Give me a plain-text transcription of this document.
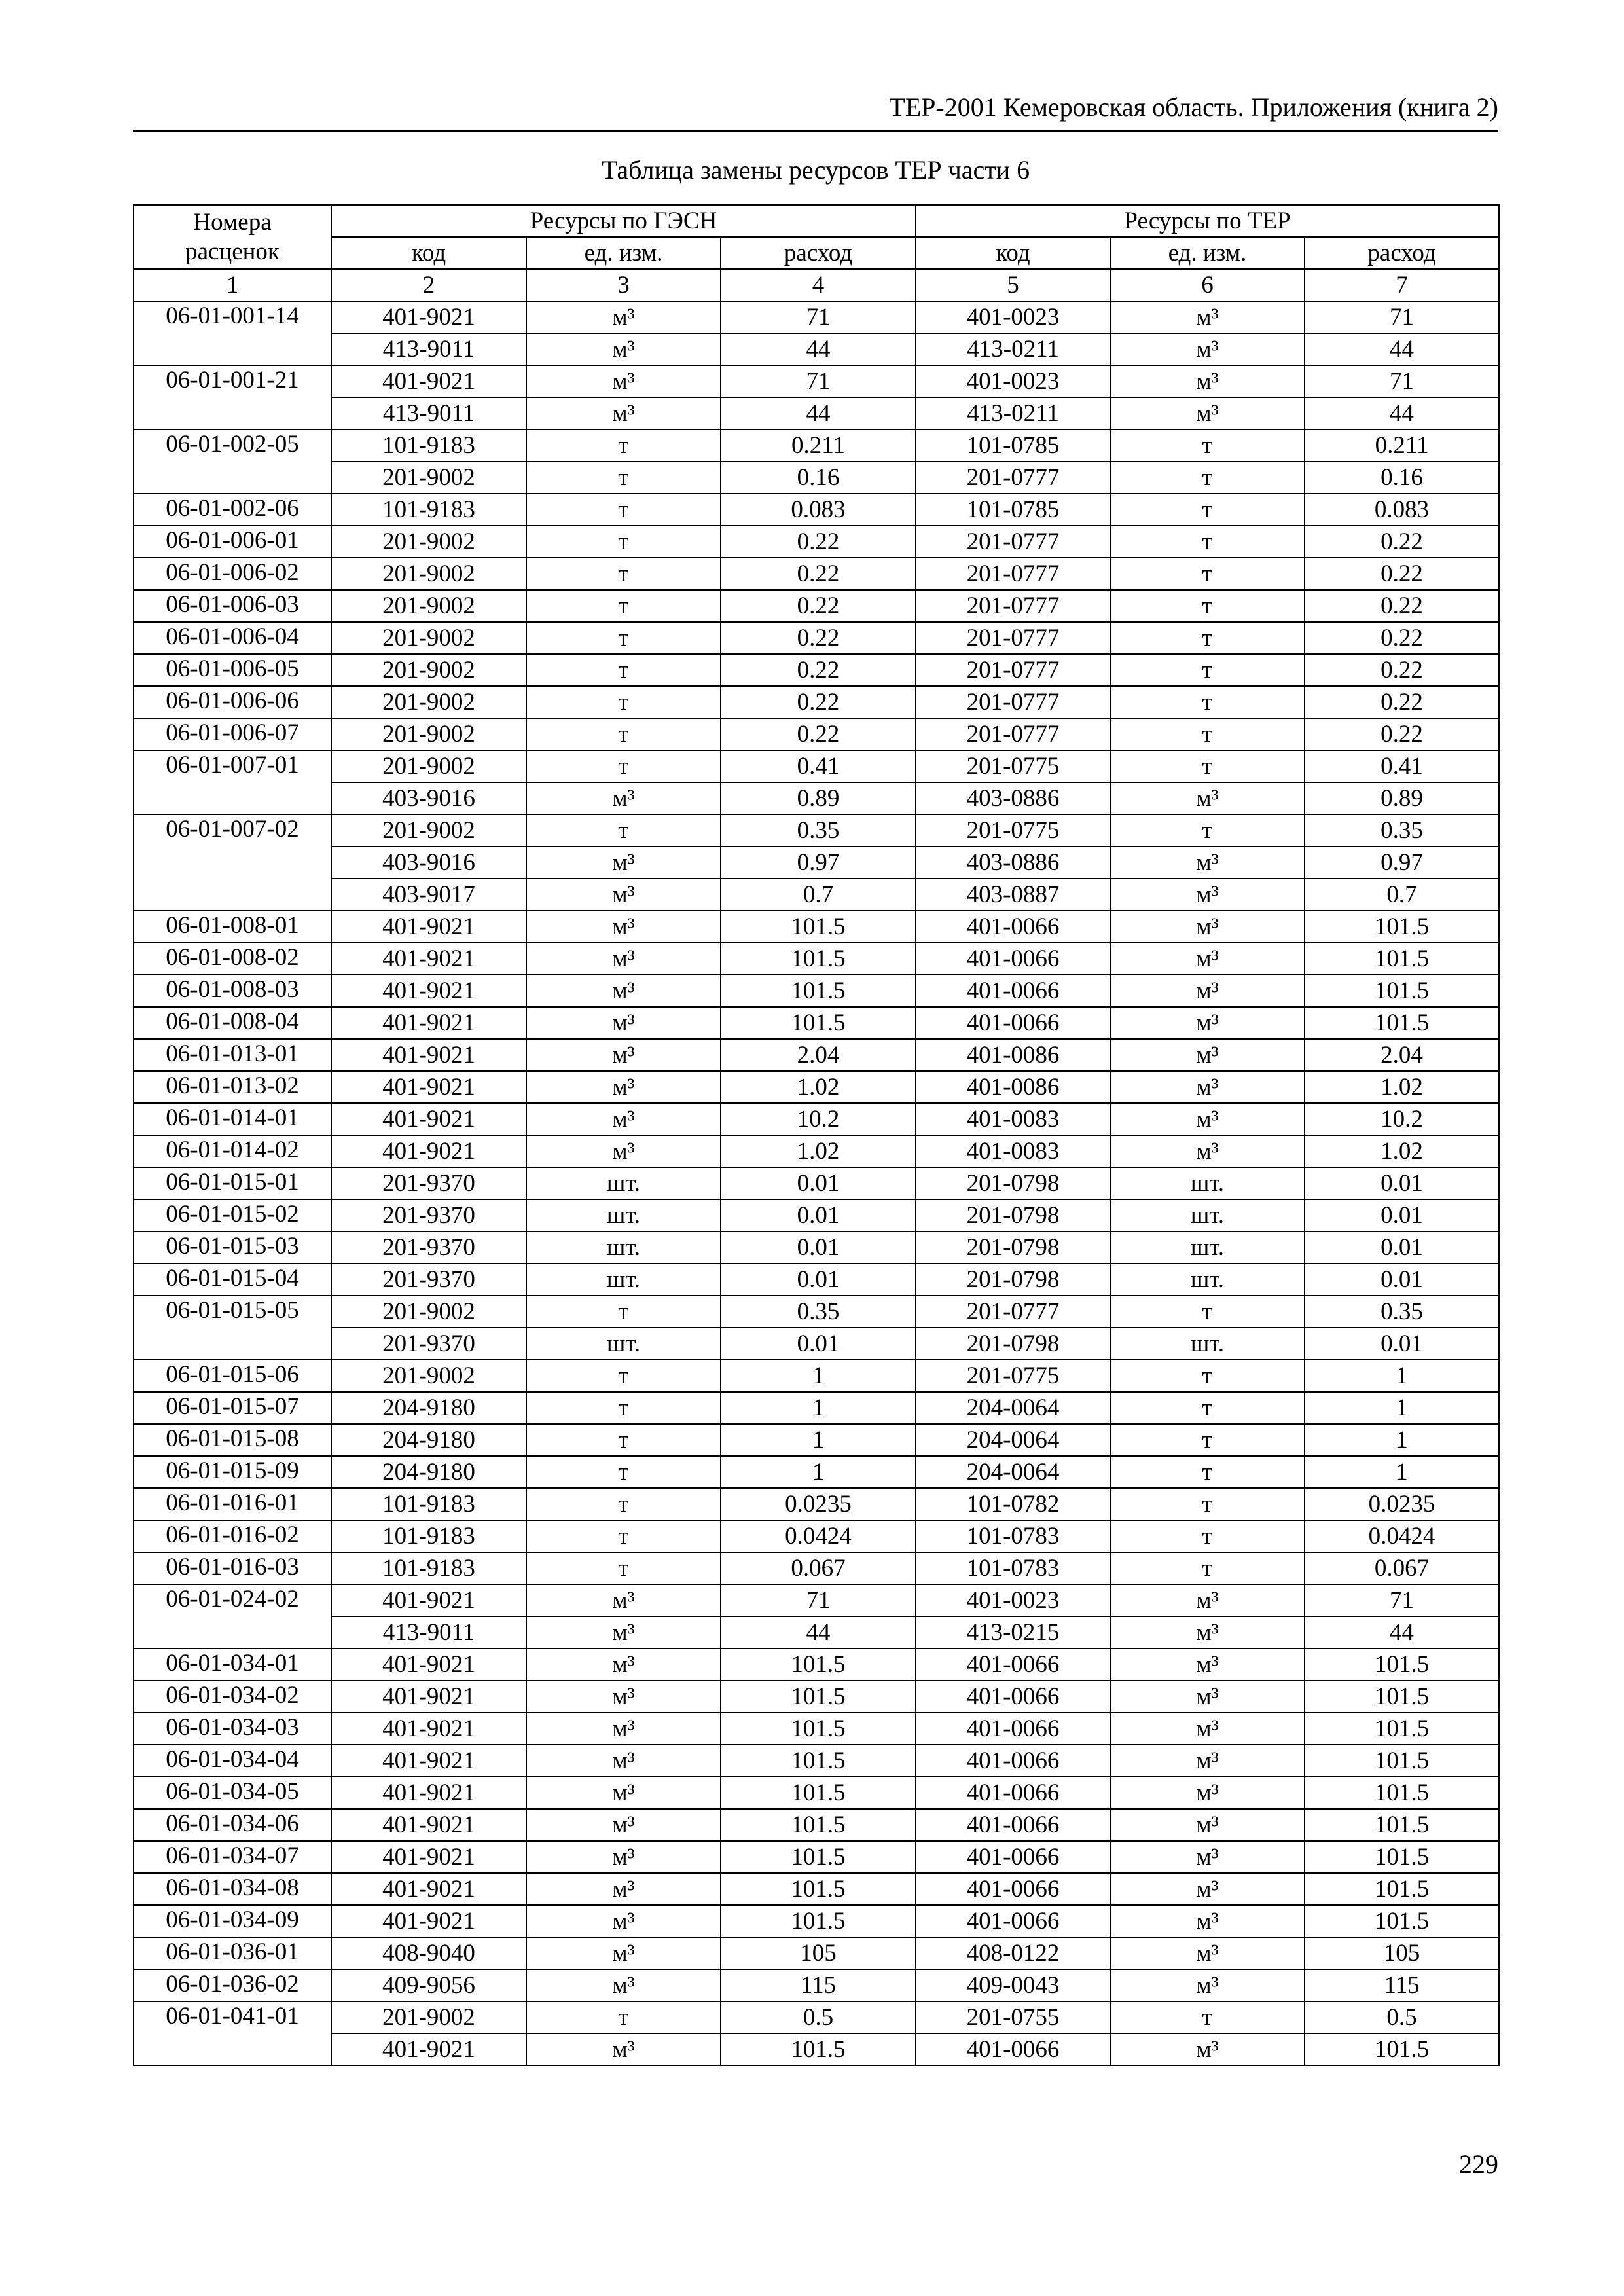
ТЕР-2001 Кемеровская область. Приложения (книга 2)
Таблица замены ресурсов ТЕР части 6
Номера расценок	Ресурсы по ГЭСН			Ресурсы по ТЕР		
	код	ед. изм.	расход	код	ед. изм.	расход
1	2	3	4	5	6	7
06-01-001-14	401-9021	м³	71	401-0023	м³	71
	413-9011	м³	44	413-0211	м³	44
06-01-001-21	401-9021	м³	71	401-0023	м³	71
	413-9011	м³	44	413-0211	м³	44
06-01-002-05	101-9183	т	0.211	101-0785	т	0.211
	201-9002	т	0.16	201-0777	т	0.16
06-01-002-06	101-9183	т	0.083	101-0785	т	0.083
06-01-006-01	201-9002	т	0.22	201-0777	т	0.22
06-01-006-02	201-9002	т	0.22	201-0777	т	0.22
06-01-006-03	201-9002	т	0.22	201-0777	т	0.22
06-01-006-04	201-9002	т	0.22	201-0777	т	0.22
06-01-006-05	201-9002	т	0.22	201-0777	т	0.22
06-01-006-06	201-9002	т	0.22	201-0777	т	0.22
06-01-006-07	201-9002	т	0.22	201-0777	т	0.22
06-01-007-01	201-9002	т	0.41	201-0775	т	0.41
	403-9016	м³	0.89	403-0886	м³	0.89
06-01-007-02	201-9002	т	0.35	201-0775	т	0.35
	403-9016	м³	0.97	403-0886	м³	0.97
	403-9017	м³	0.7	403-0887	м³	0.7
06-01-008-01	401-9021	м³	101.5	401-0066	м³	101.5
06-01-008-02	401-9021	м³	101.5	401-0066	м³	101.5
06-01-008-03	401-9021	м³	101.5	401-0066	м³	101.5
06-01-008-04	401-9021	м³	101.5	401-0066	м³	101.5
06-01-013-01	401-9021	м³	2.04	401-0086	м³	2.04
06-01-013-02	401-9021	м³	1.02	401-0086	м³	1.02
06-01-014-01	401-9021	м³	10.2	401-0083	м³	10.2
06-01-014-02	401-9021	м³	1.02	401-0083	м³	1.02
06-01-015-01	201-9370	шт.	0.01	201-0798	шт.	0.01
06-01-015-02	201-9370	шт.	0.01	201-0798	шт.	0.01
06-01-015-03	201-9370	шт.	0.01	201-0798	шт.	0.01
06-01-015-04	201-9370	шт.	0.01	201-0798	шт.	0.01
06-01-015-05	201-9002	т	0.35	201-0777	т	0.35
	201-9370	шт.	0.01	201-0798	шт.	0.01
06-01-015-06	201-9002	т	1	201-0775	т	1
06-01-015-07	204-9180	т	1	204-0064	т	1
06-01-015-08	204-9180	т	1	204-0064	т	1
06-01-015-09	204-9180	т	1	204-0064	т	1
06-01-016-01	101-9183	т	0.0235	101-0782	т	0.0235
06-01-016-02	101-9183	т	0.0424	101-0783	т	0.0424
06-01-016-03	101-9183	т	0.067	101-0783	т	0.067
06-01-024-02	401-9021	м³	71	401-0023	м³	71
	413-9011	м³	44	413-0215	м³	44
06-01-034-01	401-9021	м³	101.5	401-0066	м³	101.5
06-01-034-02	401-9021	м³	101.5	401-0066	м³	101.5
06-01-034-03	401-9021	м³	101.5	401-0066	м³	101.5
06-01-034-04	401-9021	м³	101.5	401-0066	м³	101.5
06-01-034-05	401-9021	м³	101.5	401-0066	м³	101.5
06-01-034-06	401-9021	м³	101.5	401-0066	м³	101.5
06-01-034-07	401-9021	м³	101.5	401-0066	м³	101.5
06-01-034-08	401-9021	м³	101.5	401-0066	м³	101.5
06-01-034-09	401-9021	м³	101.5	401-0066	м³	101.5
06-01-036-01	408-9040	м³	105	408-0122	м³	105
06-01-036-02	409-9056	м³	115	409-0043	м³	115
06-01-041-01	201-9002	т	0.5	201-0755	т	0.5
	401-9021	м³	101.5	401-0066	м³	101.5
229
